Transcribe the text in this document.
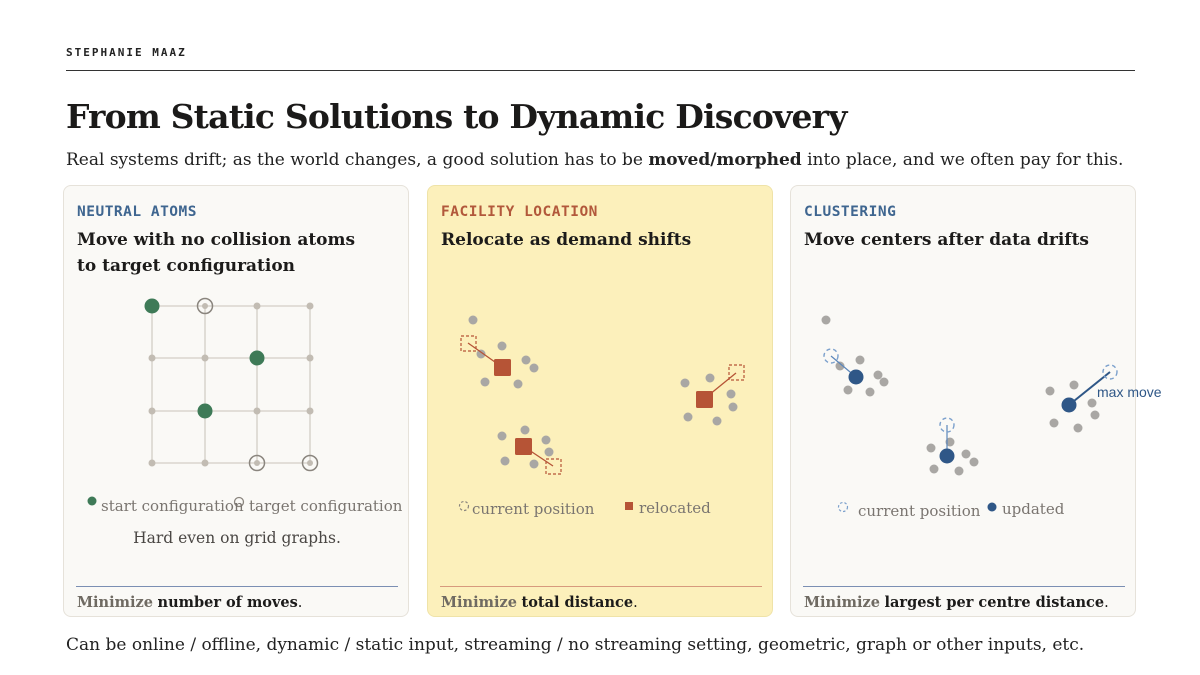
STEPHANIE MAAZ
From Static Solutions to Dynamic Discovery
Real systems drift; as the world changes, a good solution has to be moved/morphed into place, and we often pay for this.
NEUTRAL ATOMS
Move with no collision atoms to target configuration
start configuration target configuration
Hard even on grid graphs.
Minimize number of moves.
FACILITY LOCATION
Relocate as demand shifts
current position	relocated
Minimize total distance.
CLUSTERING
Move centers after data drifts
max move
current position updated
Minimize largest per centre distance.
Can be online / offline, dynamic / static input, streaming / no streaming setting, geometric, graph or other inputs, etc.
